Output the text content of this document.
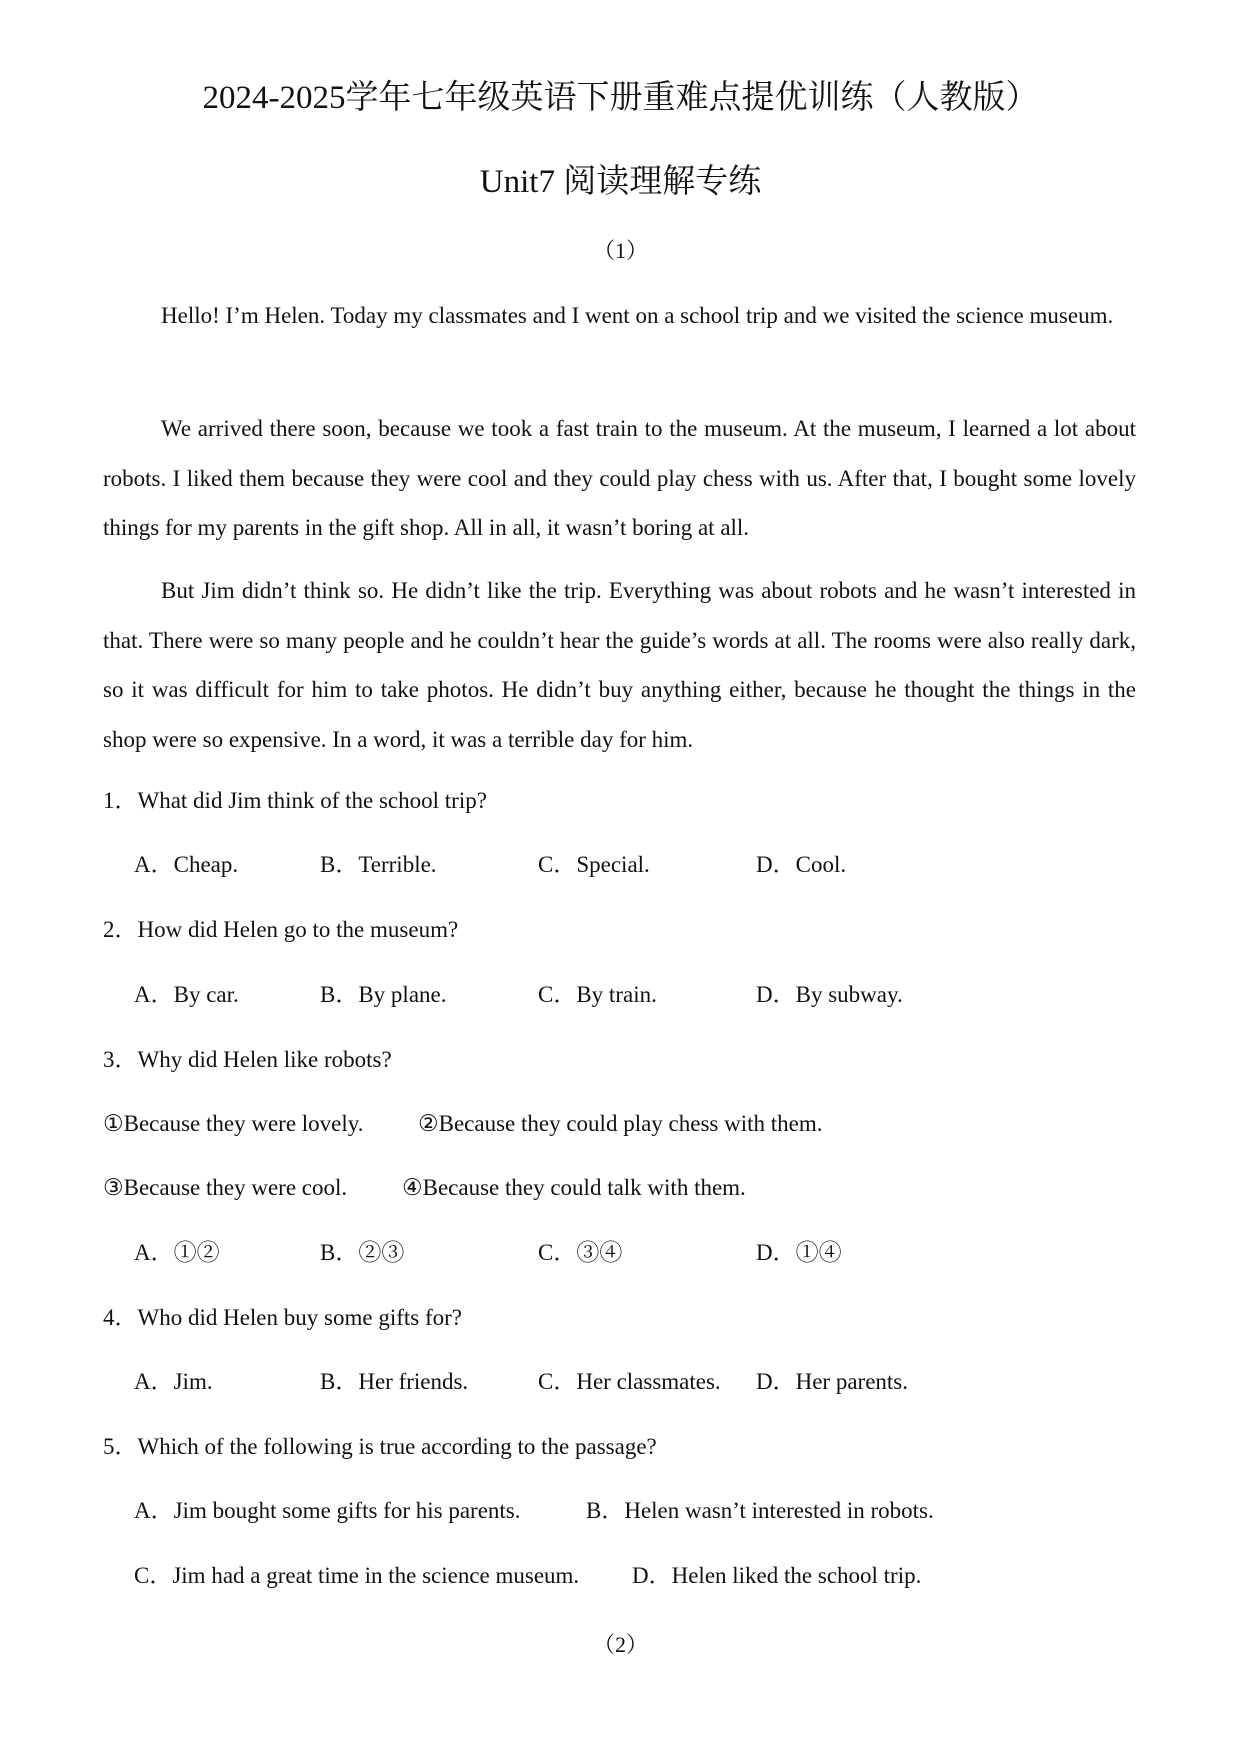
2024-2025学年七年级英语下册重难点提优训练（人教版）
Unit7 阅读理解专练
（1）

Hello! I’m Helen. Today my classmates and I went on a school trip and we visited the science museum.

We arrived there soon, because we took a fast train to the museum. At the museum, I learned a lot about robots. I liked them because they were cool and they could play chess with us. After that, I bought some lovely things for my parents in the gift shop. All in all, it wasn’t boring at all.

But Jim didn’t think so. He didn’t like the trip. Everything was about robots and he wasn’t interested in that. There were so many people and he couldn’t hear the guide’s words at all. The rooms were also really dark, so it was difficult for him to take photos. He didn’t buy anything either, because he thought the things in the shop were so expensive. In a word, it was a terrible day for him.

1．What did Jim think of the school trip?
A．Cheap.	B．Terrible.	C．Special.	D．Cool.
2．How did Helen go to the museum?
A．By car.	B．By plane.	C．By train.	D．By subway.
3．Why did Helen like robots?
①Because they were lovely. ②Because they could play chess with them.
③Because they were cool. ④Because they could talk with them.
A．①②	B．②③	C．③④	D．①④
4．Who did Helen buy some gifts for?
A．Jim.	B．Her friends.	C．Her classmates. D．Her parents.
5．Which of the following is true according to the passage?
A．Jim bought some gifts for his parents.	B．Helen wasn’t interested in robots.
C．Jim had a great time in the science museum. D．Helen liked the school trip.
（2）
